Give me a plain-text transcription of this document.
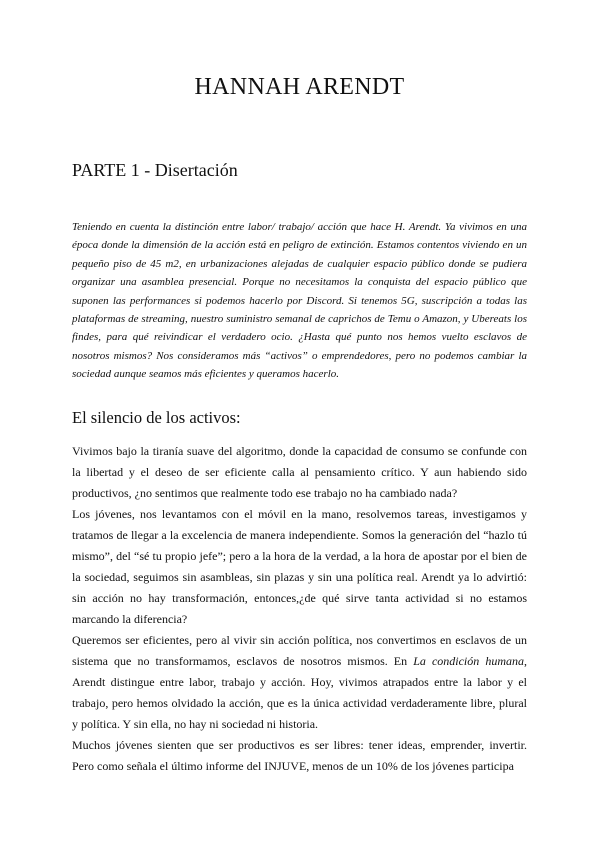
HANNAH ARENDT
PARTE 1 - Disertación

Teniendo en cuenta la distinción entre labor/ trabajo/ acción que hace H. Arendt. Ya vivimos en una época donde la dimensión de la acción está en peligro de extinción. Estamos contentos viviendo en un pequeño piso de 45 m2, en urbanizaciones alejadas de cualquier espacio público donde se pudiera organizar una asamblea presencial. Porque no necesitamos la conquista del espacio público que suponen las performances si podemos hacerlo por Discord. Si tenemos 5G, suscripción a todas las plataformas de streaming, nuestro suministro semanal de caprichos de Temu o Amazon, y Ubereats los findes, para qué reivindicar el verdadero ocio. ¿Hasta qué punto nos hemos vuelto esclavos de nosotros mismos? Nos consideramos más “activos” o emprendedores, pero no podemos cambiar la sociedad aunque seamos más eficientes y queramos hacerlo.

El silencio de los activos:

Vivimos bajo la tiranía suave del algoritmo, donde la capacidad de consumo se confunde con la libertad y el deseo de ser eficiente calla al pensamiento crítico. Y aun habiendo sido productivos, ¿no sentimos que realmente todo ese trabajo no ha cambiado nada?

Los jóvenes, nos levantamos con el móvil en la mano, resolvemos tareas, investigamos y tratamos de llegar a la excelencia de manera independiente. Somos la generación del “hazlo tú mismo”, del “sé tu propio jefe”; pero a la hora de la verdad, a la hora de apostar por el bien de la sociedad, seguimos sin asambleas, sin plazas y sin una política real. Arendt ya lo advirtió: sin acción no hay transformación, entonces,¿de qué sirve tanta actividad si no estamos marcando la diferencia?

Queremos ser eficientes, pero al vivir sin acción política, nos convertimos en esclavos de un sistema que no transformamos, esclavos de nosotros mismos. En La condición humana, Arendt distingue entre labor, trabajo y acción. Hoy, vivimos atrapados entre la labor y el trabajo, pero hemos olvidado la acción, que es la única actividad verdaderamente libre, plural y política. Y sin ella, no hay ni sociedad ni historia.

Muchos jóvenes sienten que ser productivos es ser libres: tener ideas, emprender, invertir. Pero como señala el último informe del INJUVE, menos de un 10% de los jóvenes participa
